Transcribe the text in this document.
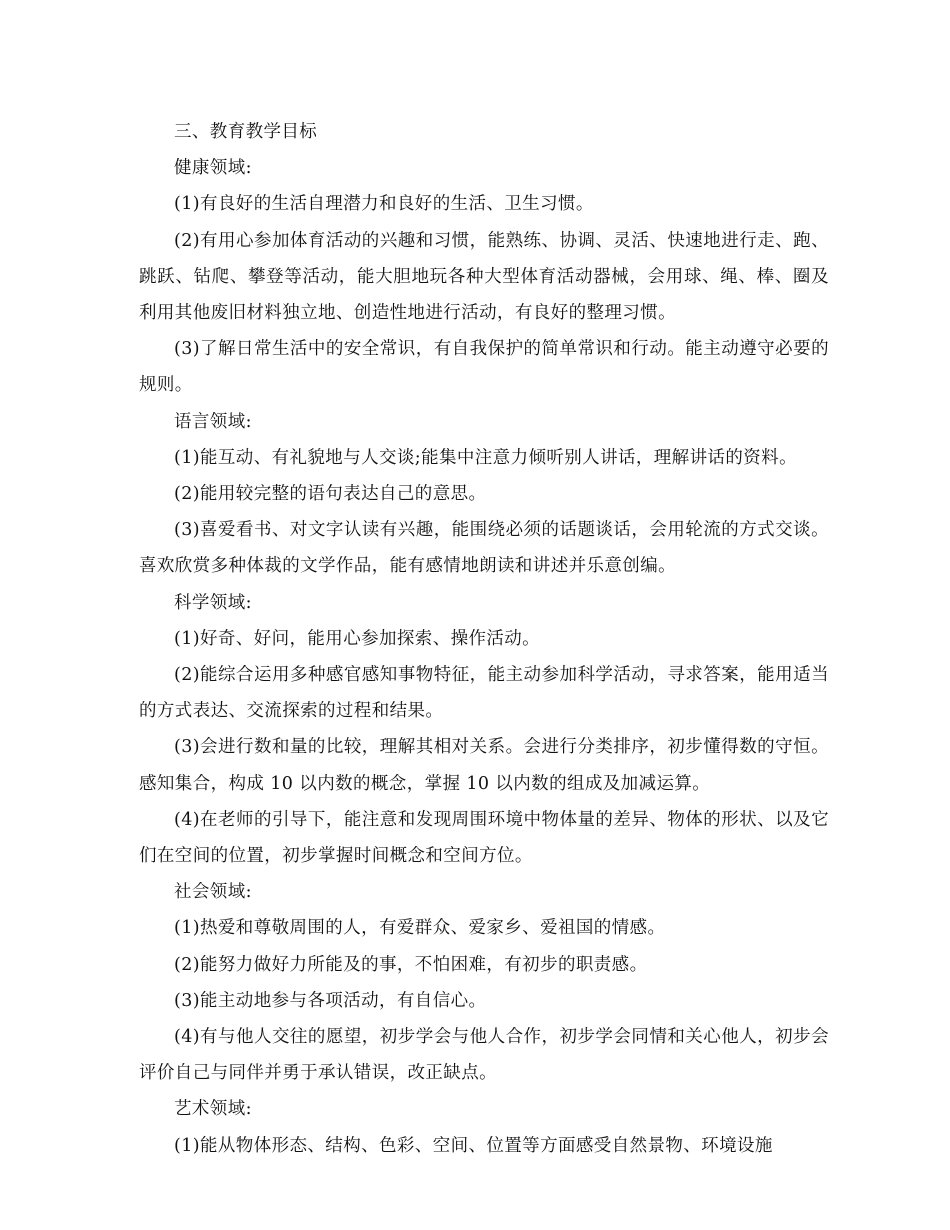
三、教育教学目标

健康领域:

(1)有良好的生活自理潜力和良好的生活、卫生习惯。

(2)有用心参加体育活动的兴趣和习惯，能熟练、协调、灵活、快速地进行走、跑、跳跃、钻爬、攀登等活动，能大胆地玩各种大型体育活动器械，会用球、绳、棒、圈及利用其他废旧材料独立地、创造性地进行活动，有良好的整理习惯。

(3)了解日常生活中的安全常识，有自我保护的简单常识和行动。能主动遵守必要的规则。

语言领域:

(1)能互动、有礼貌地与人交谈;能集中注意力倾听别人讲话，理解讲话的资料。

(2)能用较完整的语句表达自己的意思。

(3)喜爱看书、对文字认读有兴趣，能围绕必须的话题谈话，会用轮流的方式交谈。喜欢欣赏多种体裁的文学作品，能有感情地朗读和讲述并乐意创编。

科学领域:

(1)好奇、好问，能用心参加探索、操作活动。

(2)能综合运用多种感官感知事物特征，能主动参加科学活动，寻求答案，能用适当的方式表达、交流探索的过程和结果。

(3)会进行数和量的比较，理解其相对关系。会进行分类排序，初步懂得数的守恒。感知集合，构成 10 以内数的概念，掌握 10 以内数的组成及加减运算。

(4)在老师的引导下，能注意和发现周围环境中物体量的差异、物体的形状、以及它们在空间的位置，初步掌握时间概念和空间方位。

社会领域:

(1)热爱和尊敬周围的人，有爱群众、爱家乡、爱祖国的情感。

(2)能努力做好力所能及的事，不怕困难，有初步的职责感。

(3)能主动地参与各项活动，有自信心。

(4)有与他人交往的愿望，初步学会与他人合作，初步学会同情和关心他人，初步会评价自己与同伴并勇于承认错误，改正缺点。

艺术领域:

(1)能从物体形态、结构、色彩、空间、位置等方面感受自然景物、环境设施
